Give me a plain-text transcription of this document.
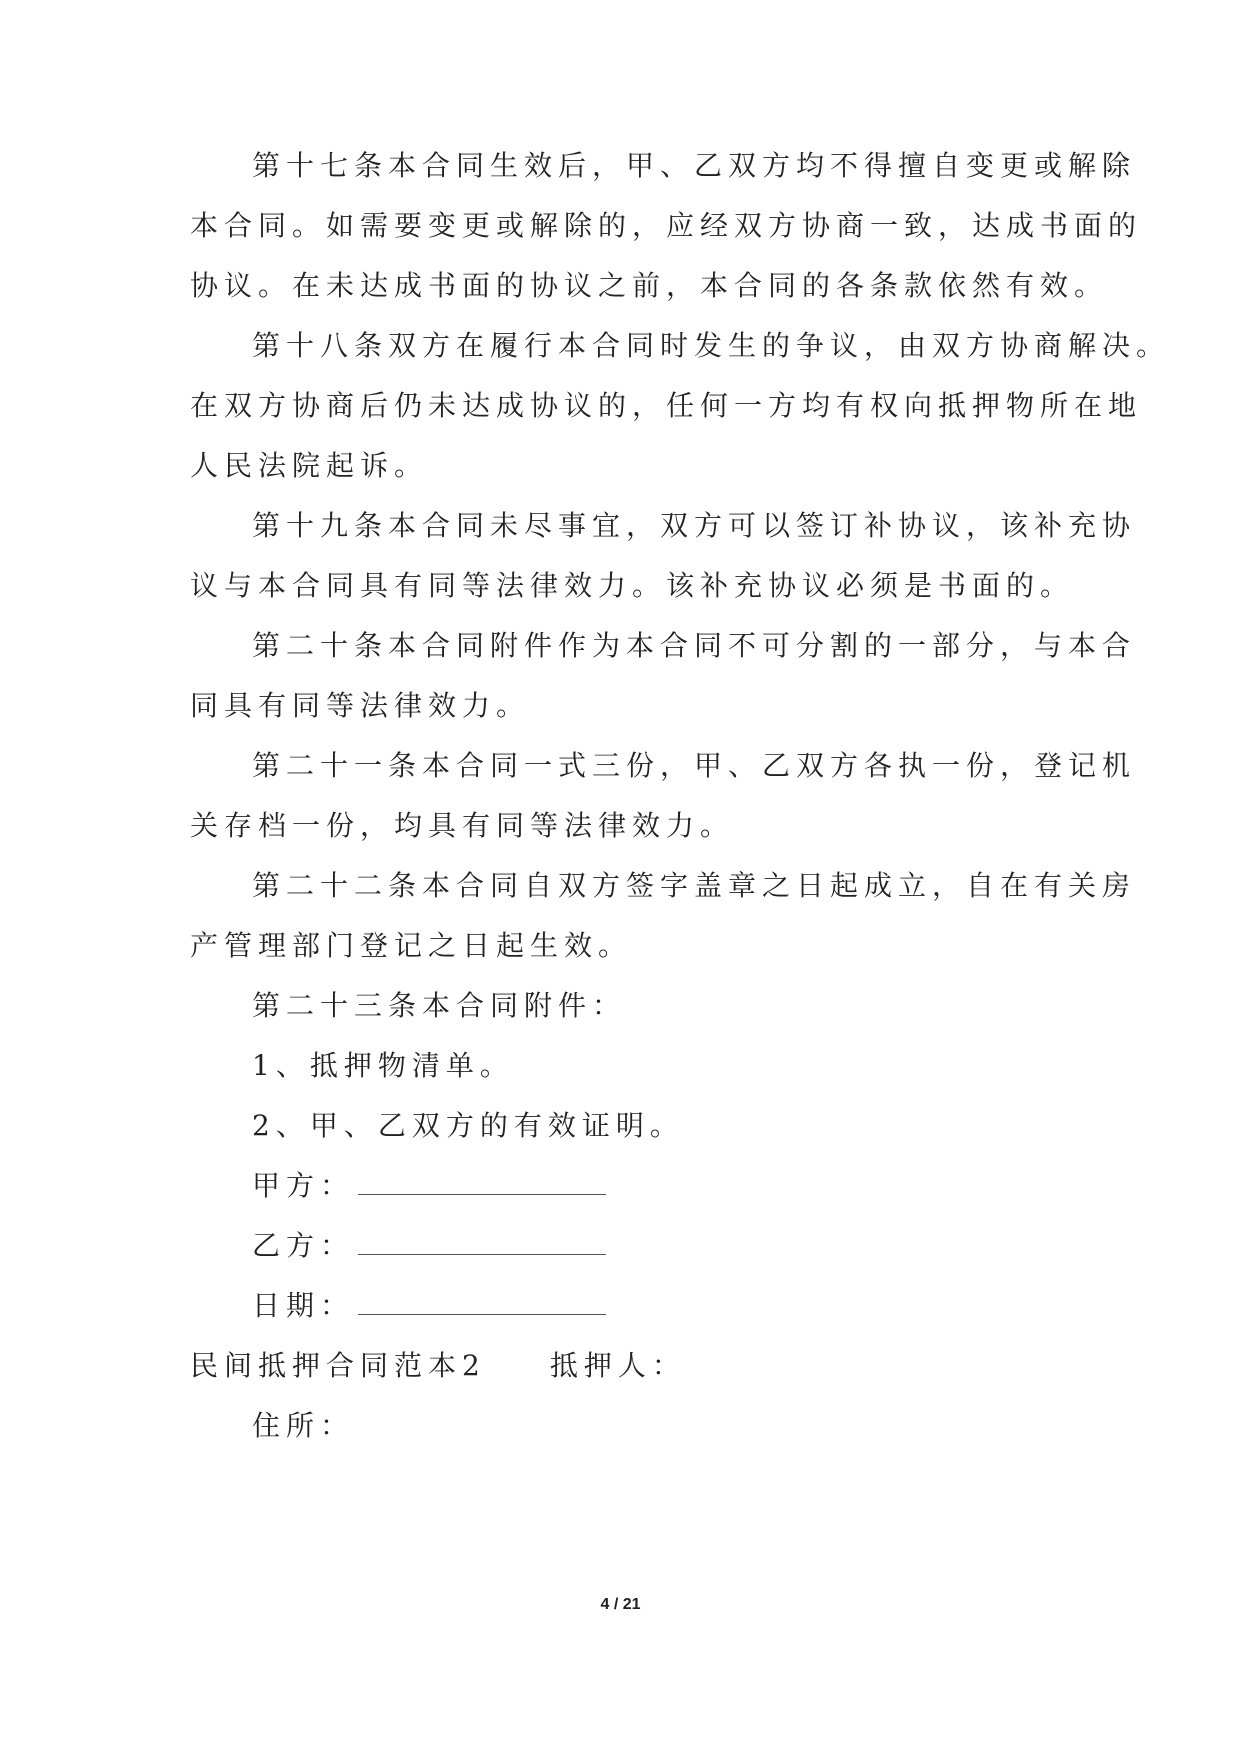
第十七条本合同生效后，甲、乙双方均不得擅自变更或解除
本合同。如需要变更或解除的，应经双方协商一致，达成书面的
协议。在未达成书面的协议之前，本合同的各条款依然有效。
第十八条双方在履行本合同时发生的争议，由双方协商解决。
在双方协商后仍未达成协议的，任何一方均有权向抵押物所在地
人民法院起诉。
第十九条本合同未尽事宜，双方可以签订补协议，该补充协
议与本合同具有同等法律效力。该补充协议必须是书面的。
第二十条本合同附件作为本合同不可分割的一部分，与本合
同具有同等法律效力。
第二十一条本合同一式三份，甲、乙双方各执一份，登记机
关存档一份，均具有同等法律效力。
第二十二条本合同自双方签字盖章之日起成立，自在有关房
产管理部门登记之日起生效。
第二十三条本合同附件：
1、抵押物清单。
2、甲、乙双方的有效证明。
甲方：
乙方：
日期：
民间抵押合同范本2 抵押人：
住所：
4 / 21
